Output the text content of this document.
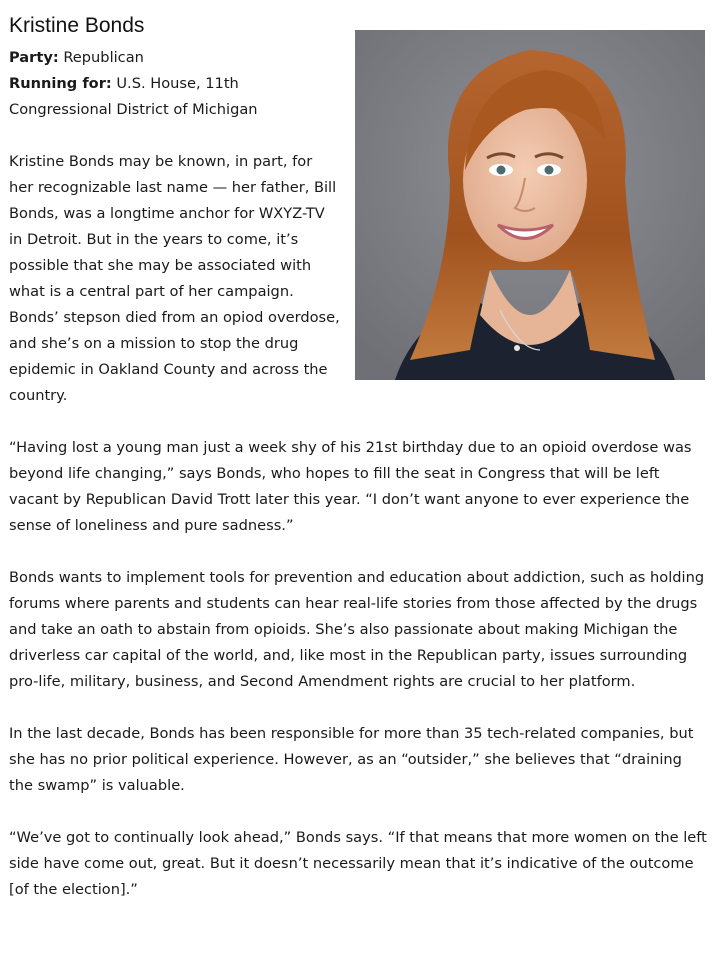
Kristine Bonds
Party: Republican
Running for: U.S. House, 11th Congressional District of Michigan

Kristine Bonds may be known, in part, for her recognizable last name — her father, Bill Bonds, was a longtime anchor for WXYZ-TV in Detroit. But in the years to come, it’s possible that she may be associated with what is a central part of her campaign. Bonds’ stepson died from an opiod overdose, and she’s on a mission to stop the drug epidemic in Oakland County and across the country.

“Having lost a young man just a week shy of his 21st birthday due to an opioid overdose was beyond life changing,” says Bonds, who hopes to fill the seat in Congress that will be left vacant by Republican David Trott later this year. “I don’t want anyone to ever experience the sense of loneliness and pure sadness.”

Bonds wants to implement tools for prevention and education about addiction, such as holding forums where parents and students can hear real-life stories from those affected by the drugs and take an oath to abstain from opioids. She’s also passionate about making Michigan the driverless car capital of the world, and, like most in the Republican party, issues surrounding pro-life, military, business, and Second Amendment rights are crucial to her platform.

In the last decade, Bonds has been responsible for more than 35 tech-related companies, but she has no prior political experience. However, as an “outsider,” she believes that “draining the swamp” is valuable.

“We’ve got to continually look ahead,” Bonds says. “If that means that more women on the left side have come out, great. But it doesn’t necessarily mean that it’s indicative of the outcome [of the election].”
